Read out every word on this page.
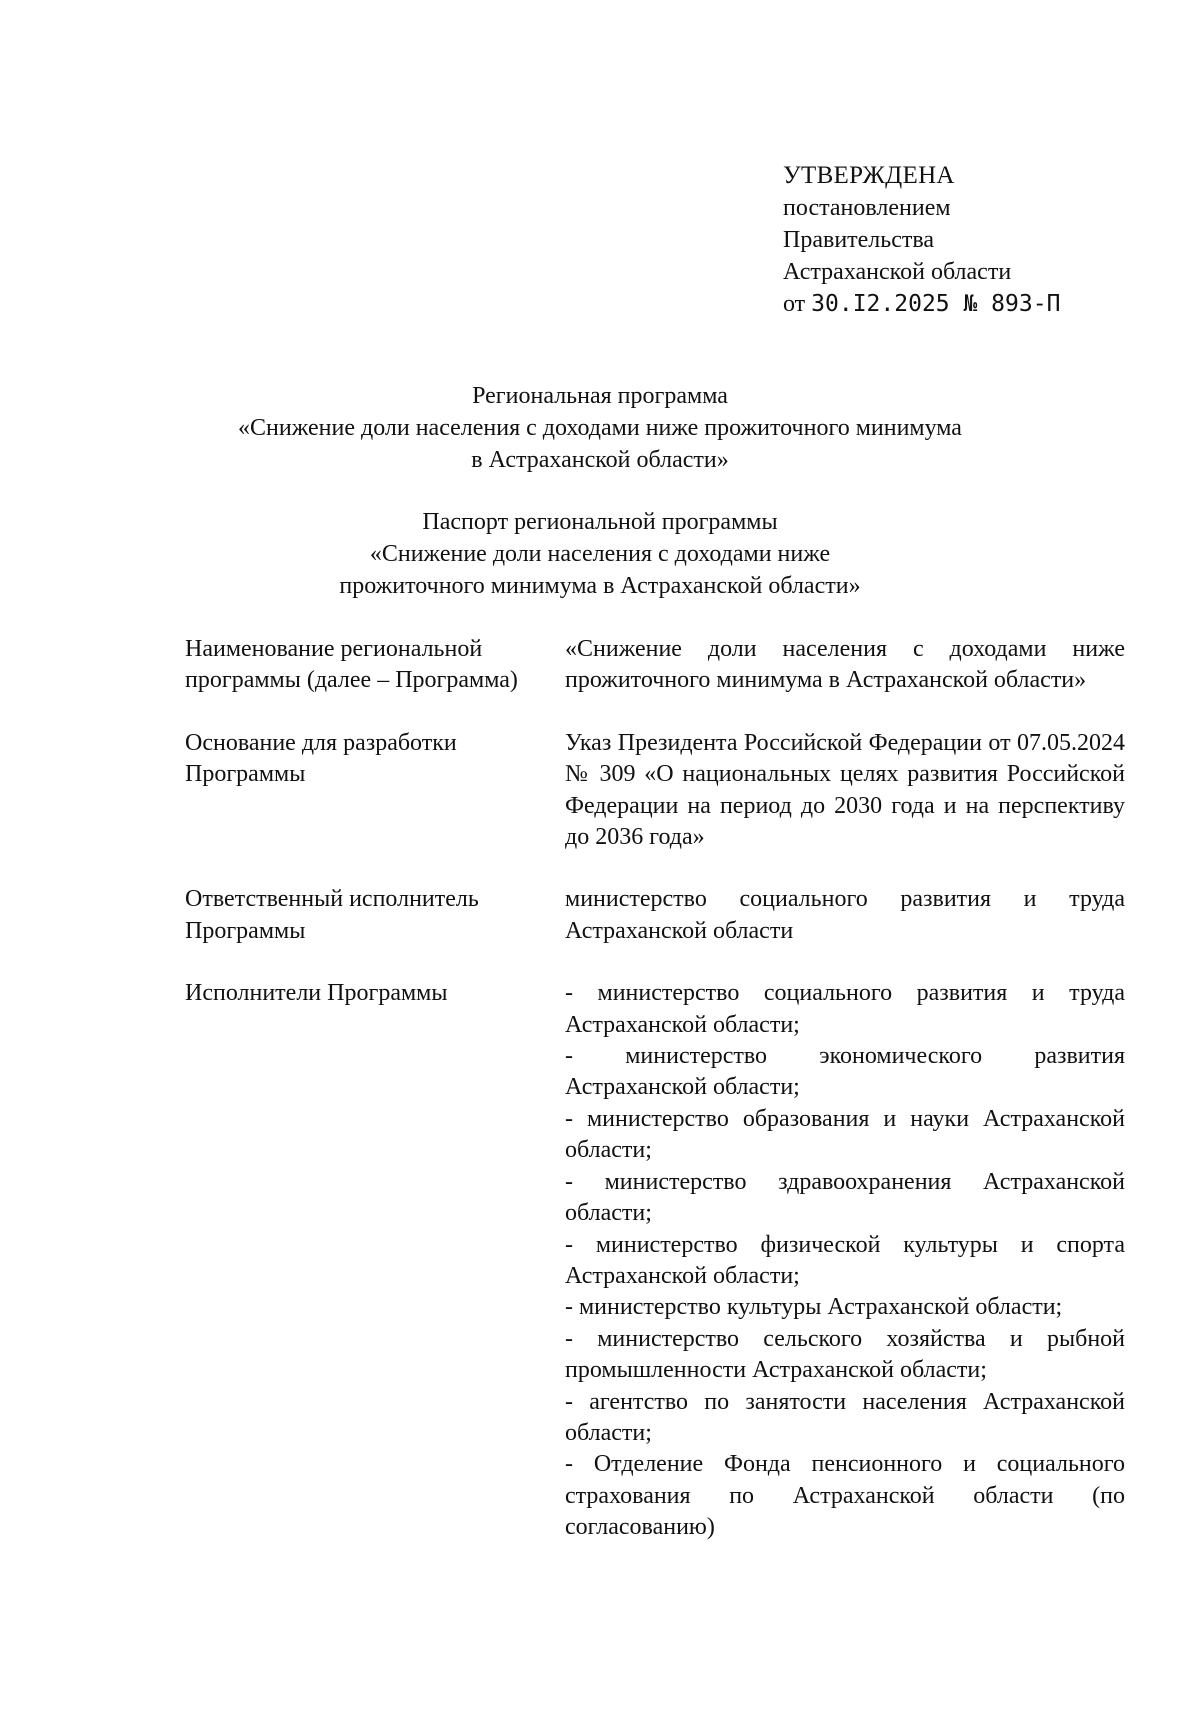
УТВЕРЖДЕНА
постановлением
Правительства
Астраханской области
от 30.I2.2025 № 893-П
Региональная программа
«Снижение доли населения с доходами ниже прожиточного минимума
в Астраханской области»
Паспорт региональной программы
«Снижение доли населения с доходами ниже
прожиточного минимума в Астраханской области»
Наименование региональной программы (далее – Программа)
«Снижение доли населения с доходами ниже прожиточного минимума в Астраханской области»
Основание для разработки Программы
Указ Президента Российской Федерации от 07.05.2024 № 309 «О национальных целях развития Российской Федерации на период до 2030 года и на перспективу до 2036 года»
Ответственный исполнитель Программы
министерство социального развития и труда Астраханской области
Исполнители Программы	- министерство социального развития и труда Астраханской области;
- министерство экономического развития Астраханской области;
- министерство образования и науки Астраханской области;
- министерство здравоохранения Астраханской области;
- министерство физической культуры и спорта Астраханской области;
- министерство культуры Астраханской области;
- министерство сельского хозяйства и рыбной промышленности Астраханской области;
- агентство по занятости населения Астраханской области;
- Отделение Фонда пенсионного и социального страхования по Астраханской области (по согласованию)
